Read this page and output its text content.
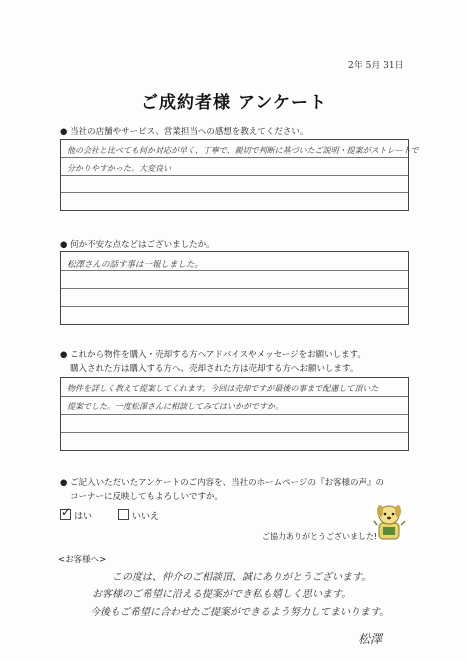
2年 5月 31日
ご成約者様 アンケート
● 当社の店舗やサービス、営業担当への感想を教えてください。
他の会社と比べても何か対応が早く、丁寧で、親切で判断に基づいたご説明・提案がストレートで
分かりやすかった。大変良い
● 何か不安な点などはございましたか。
松澤さんの話す事は一報しました。
● これから物件を購入・売却する方へアドバイスやメッセージをお願いします。
購入された方は購入する方へ、売却された方は売却する方へお願いします。
物件を詳しく教えて提案してくれます。今回は売却ですが最後の事まで配慮して頂いた
提案でした。一度松澤さんに相談してみてはいかがですか。
● ご記入いただいたアンケートのご内容を、当社のホームページの『お客様の声』の
コーナーに反映してもよろしいですか。
✓はい	いいえ
ご協力ありがとうございました!
<お客様へ>
この度は、仲介のご相談頂、誠にありがとうございます。
お客様のご希望に沿える提案ができ私も嬉しく思います。
今後もご希望に合わせたご提案ができるよう努力してまいります。
松澤
